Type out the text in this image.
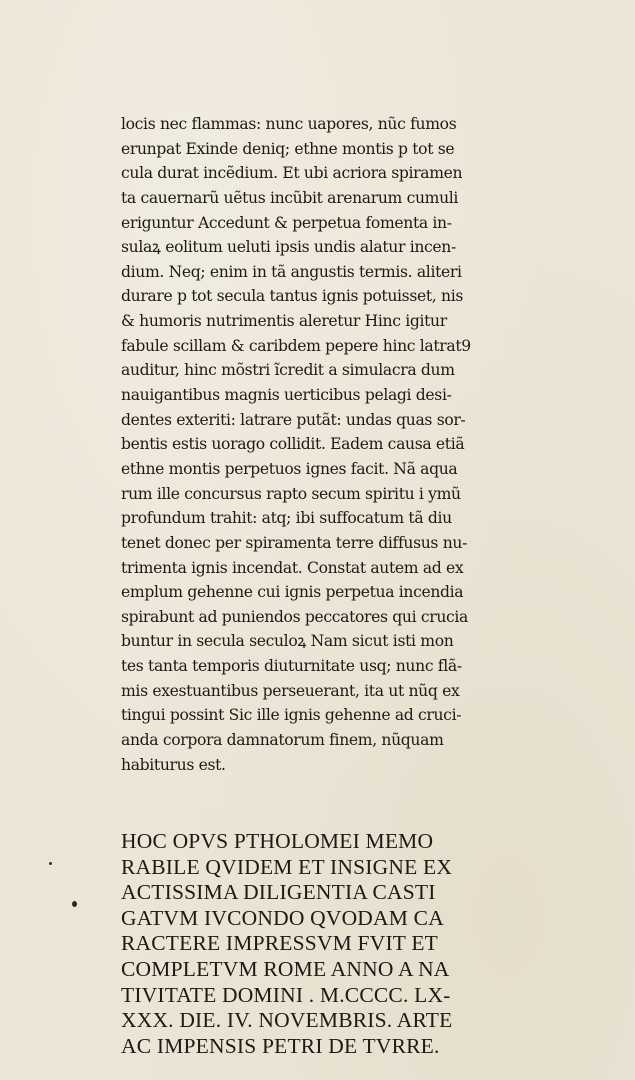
locis nec flammas: nunc uapores, nũc fumos
erunpat Exinde deniq; ethne montis p tot se
cula durat incẽdium. Et ubi acriora spiramen
ta cauernarũ uẽtus incũbit arenarum cumuli
eriguntur Accedunt & perpetua fomenta in-
sulaꝝ eolitum ueluti ipsis undis alatur incen-
dium. Neq; enim in tã angustis termis. aliteri
durare p tot secula tantus ignis potuisset, nis
& humoris nutrimentis aleretur Hinc igitur
fabule scillam & caribdem pepere hinc latrat9
auditur, hinc mõstri ĩcredit a simulacra dum
nauigantibus magnis uerticibus pelagi desi-
dentes exteriti: latrare putãt: undas quas sor-
bentis estis uorago collidit. Eadem causa etiã
ethne montis perpetuos ignes facit. Nã aqua
rum ille concursus rapto secum spiritu i ymũ
profundum trahit: atq; ibi suffocatum tã diu
tenet donec per spiramenta terre diffusus nu-
trimenta ignis incendat. Constat autem ad ex
emplum gehenne cui ignis perpetua incendia
spirabunt ad puniendos peccatores qui crucia
buntur in secula seculoꝝ Nam sicut isti mon
tes tanta temporis diuturnitate usq; nunc flã-
mis exestuantibus perseuerant, ita ut nũq ex
tingui possint Sic ille ignis gehenne ad cruci-
anda corpora damnatorum finem, nũquam
habiturus est.
HOC OPVS PTHOLOMEI MEMO
RABILE QVIDEM ET INSIGNE EX
ACTISSIMA DILIGENTIA CASTI
GATVM IVCONDO QVODAM CA
RACTERE IMPRESSVM FVIT ET
COMPLETVM ROME ANNO A NA
TIVITATE DOMINI . M.CCCC. LX-
XXX. DIE. IV. NOVEMBRIS. ARTE
AC IMPENSIS PETRI DE TVRRE.
